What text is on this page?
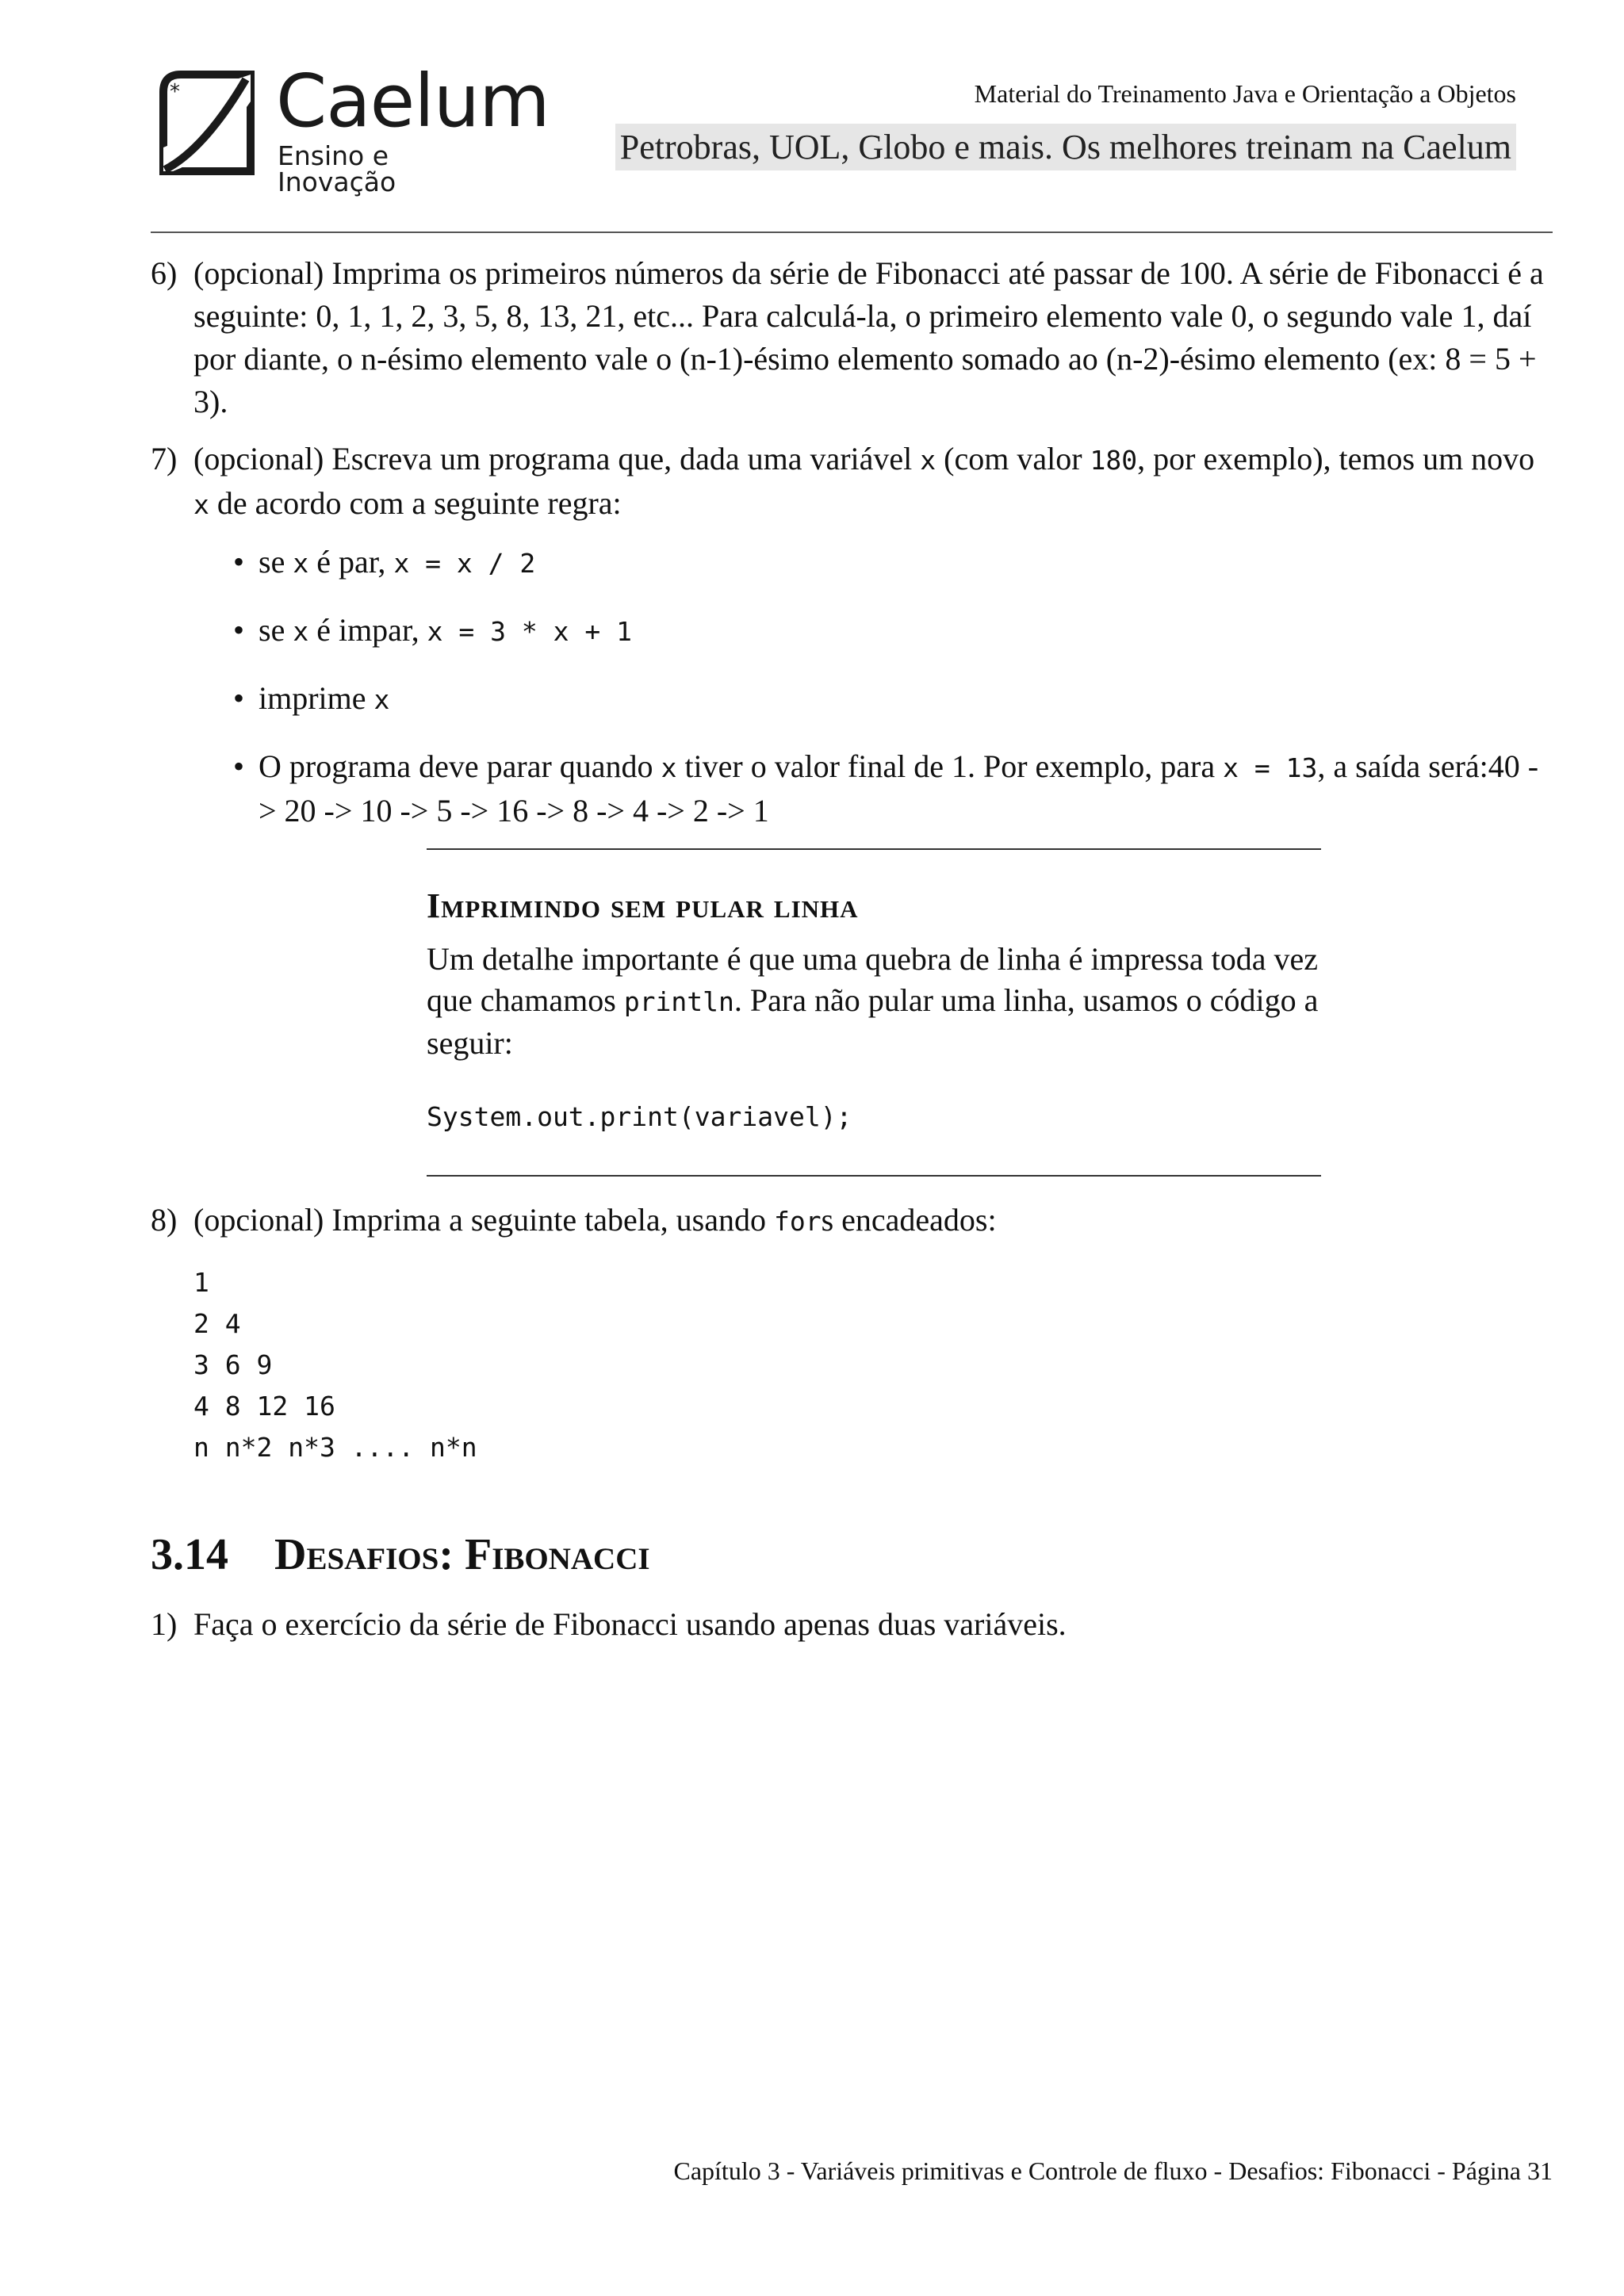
* Caelum
Ensino e Inovação
Material do Treinamento Java e Orientação a Objetos
Petrobras, UOL, Globo e mais. Os melhores treinam na Caelum
6) (opcional) Imprima os primeiros números da série de Fibonacci até passar de 100. A série de Fibonacci é a seguinte: 0, 1, 1, 2, 3, 5, 8, 13, 21, etc... Para calculá-la, o primeiro elemento vale 0, o segundo vale 1, daí por diante, o n-ésimo elemento vale o (n-1)-ésimo elemento somado ao (n-2)-ésimo elemento (ex: 8 = 5 + 3).
7) (opcional) Escreva um programa que, dada uma variável x (com valor 180, por exemplo), temos um novo x de acordo com a seguinte regra:
• se x é par, x = x / 2
• se x é impar, x = 3 * x + 1
• imprime x
• O programa deve parar quando x tiver o valor final de 1. Por exemplo, para x = 13, a saída será:40 -> 20 -> 10 -> 5 -> 16 -> 8 -> 4 -> 2 -> 1
Imprimindo sem pular linha
Um detalhe importante é que uma quebra de linha é impressa toda vez que chamamos println. Para não pular uma linha, usamos o código a seguir:
System.out.print(variavel);
8) (opcional) Imprima a seguinte tabela, usando fors encadeados:
1
2 4
3 6 9
4 8 12 16
n n*2 n*3 .... n*n
3.14 Desafios: Fibonacci
1) Faça o exercício da série de Fibonacci usando apenas duas variáveis.
Capítulo 3 - Variáveis primitivas e Controle de fluxo - Desafios: Fibonacci - Página 31
